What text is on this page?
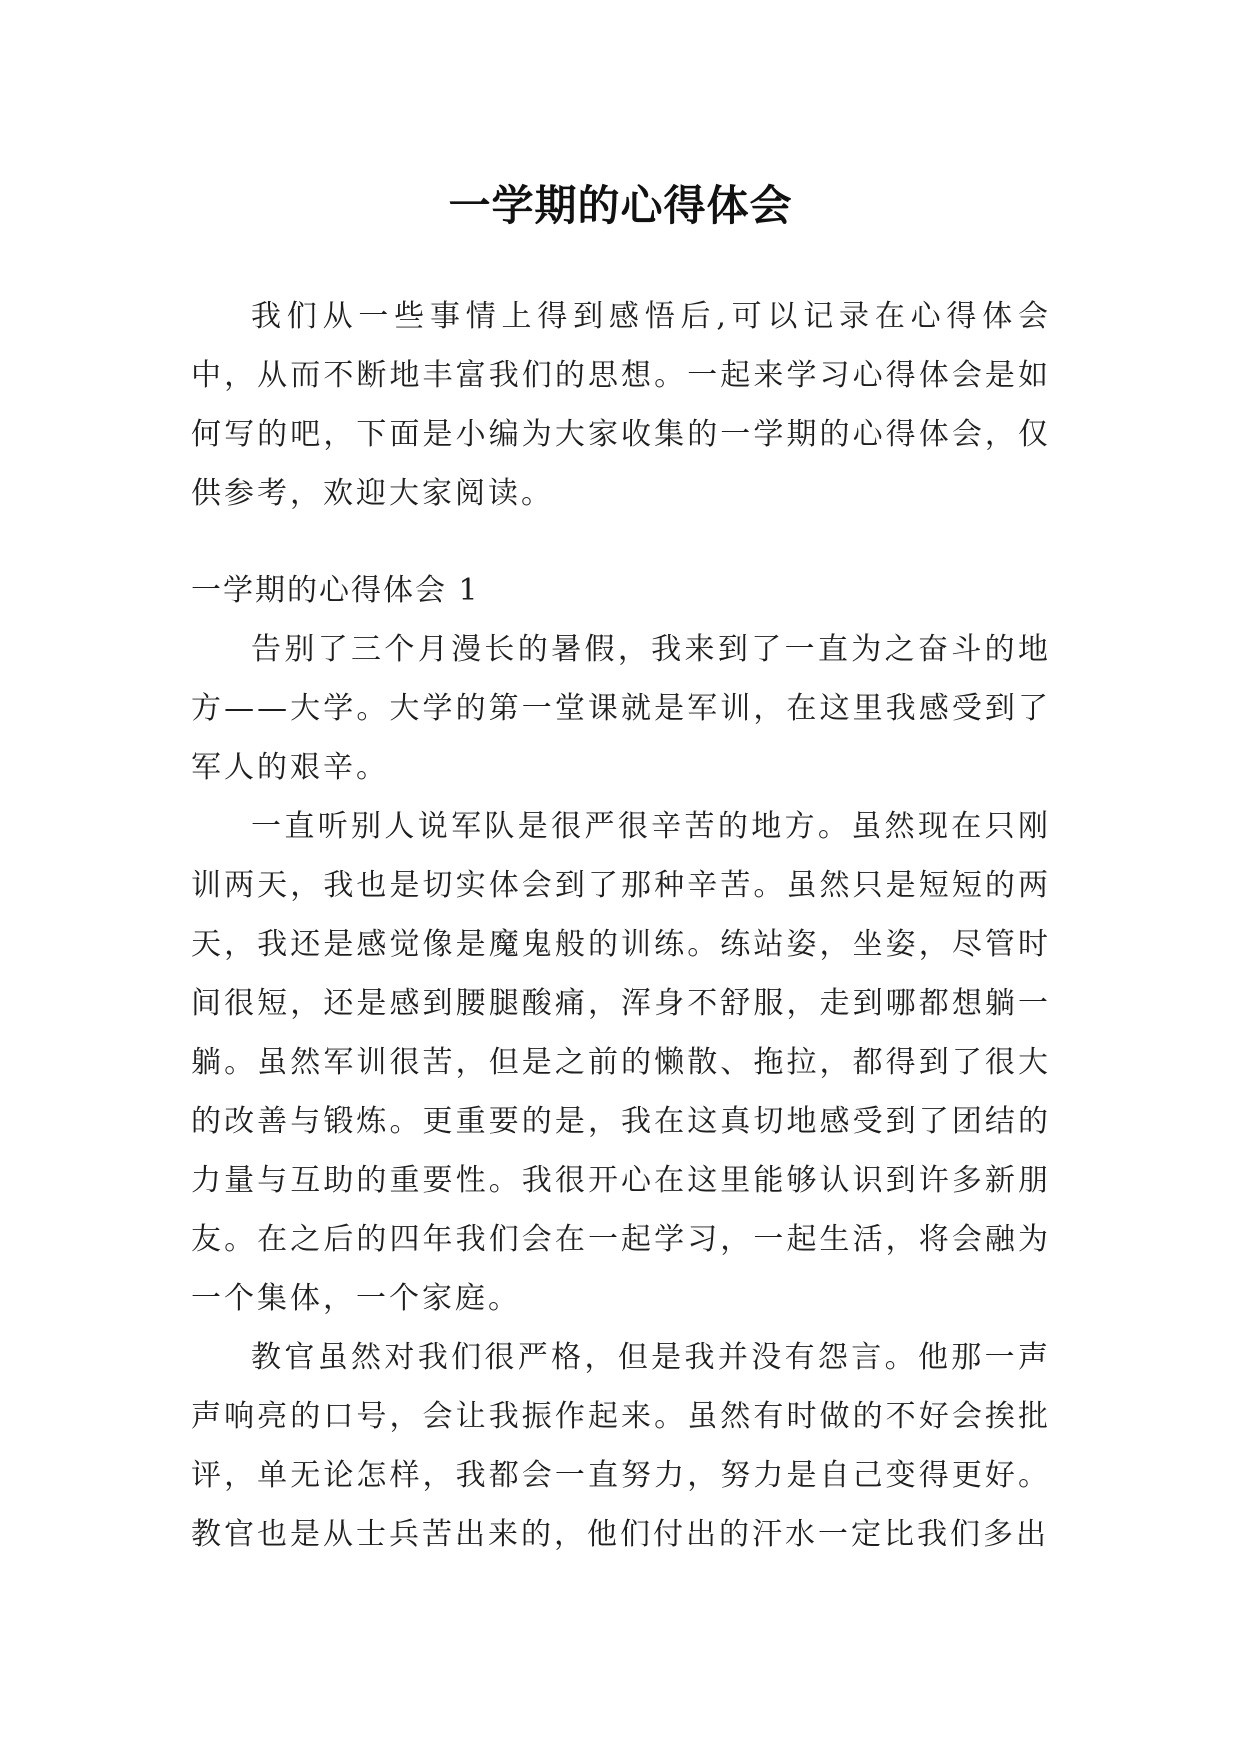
一学期的心得体会

我们从一些事情上得到感悟后,可以记录在心得体会中，从而不断地丰富我们的思想。一起来学习心得体会是如何写的吧，下面是小编为大家收集的一学期的心得体会，仅供参考，欢迎大家阅读。

一学期的心得体会 1

告别了三个月漫长的暑假，我来到了一直为之奋斗的地方——大学。大学的第一堂课就是军训，在这里我感受到了军人的艰辛。

一直听别人说军队是很严很辛苦的地方。虽然现在只刚训两天，我也是切实体会到了那种辛苦。虽然只是短短的两天，我还是感觉像是魔鬼般的训练。练站姿，坐姿，尽管时间很短，还是感到腰腿酸痛，浑身不舒服，走到哪都想躺一躺。虽然军训很苦，但是之前的懒散、拖拉，都得到了很大的改善与锻炼。更重要的是，我在这真切地感受到了团结的力量与互助的重要性。我很开心在这里能够认识到许多新朋友。在之后的四年我们会在一起学习，一起生活，将会融为一个集体，一个家庭。

教官虽然对我们很严格，但是我并没有怨言。他那一声声响亮的口号，会让我振作起来。虽然有时做的不好会挨批评，单无论怎样，我都会一直努力，努力是自己变得更好。教官也是从士兵苦出来的，他们付出的汗水一定比我们多出
